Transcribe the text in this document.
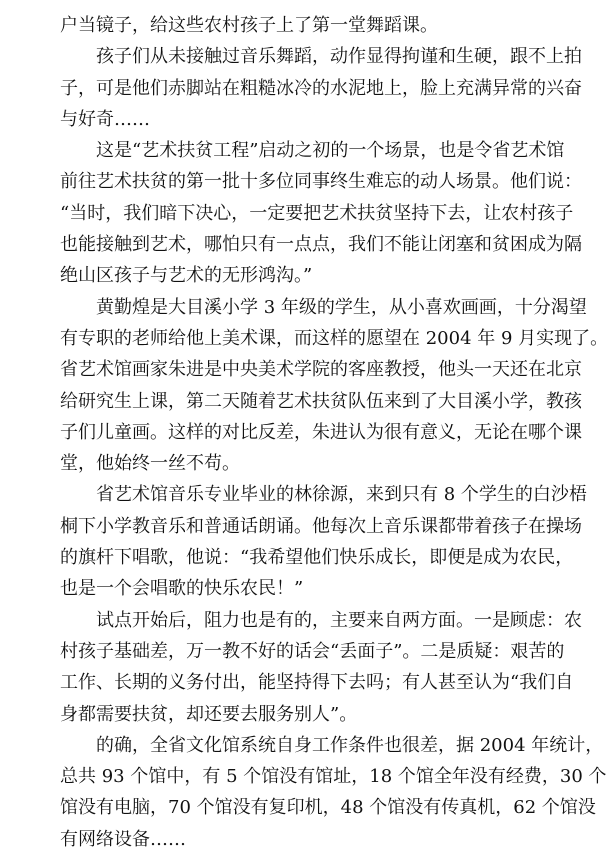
户当镜子，给这些农村孩子上了第一堂舞蹈课。

孩子们从未接触过音乐舞蹈，动作显得拘谨和生硬，跟不上拍
子，可是他们赤脚站在粗糙冰冷的水泥地上，脸上充满异常的兴奋
与好奇……

这是“艺术扶贫工程”启动之初的一个场景，也是令省艺术馆
前往艺术扶贫的第一批十多位同事终生难忘的动人场景。他们说：
“当时，我们暗下决心，一定要把艺术扶贫坚持下去，让农村孩子
也能接触到艺术，哪怕只有一点点，我们不能让闭塞和贫困成为隔
绝山区孩子与艺术的无形鸿沟。”

黄勤煌是大目溪小学 3 年级的学生，从小喜欢画画，十分渴望
有专职的老师给他上美术课，而这样的愿望在 2004 年 9 月实现了。
省艺术馆画家朱进是中央美术学院的客座教授，他头一天还在北京
给研究生上课，第二天随着艺术扶贫队伍来到了大目溪小学，教孩
子们儿童画。这样的对比反差，朱进认为很有意义，无论在哪个课
堂，他始终一丝不苟。

省艺术馆音乐专业毕业的林徐源，来到只有 8 个学生的白沙梧
桐下小学教音乐和普通话朗诵。他每次上音乐课都带着孩子在操场
的旗杆下唱歌，他说：“我希望他们快乐成长，即便是成为农民，
也是一个会唱歌的快乐农民！”

试点开始后，阻力也是有的，主要来自两方面。一是顾虑：农
村孩子基础差，万一教不好的话会“丢面子”。二是质疑：艰苦的
工作、长期的义务付出，能坚持得下去吗；有人甚至认为“我们自
身都需要扶贫，却还要去服务别人”。

的确，全省文化馆系统自身工作条件也很差，据 2004 年统计，
总共 93 个馆中，有 5 个馆没有馆址，18 个馆全年没有经费，30 个
馆没有电脑，70 个馆没有复印机，48 个馆没有传真机，62 个馆没
有网络设备……
